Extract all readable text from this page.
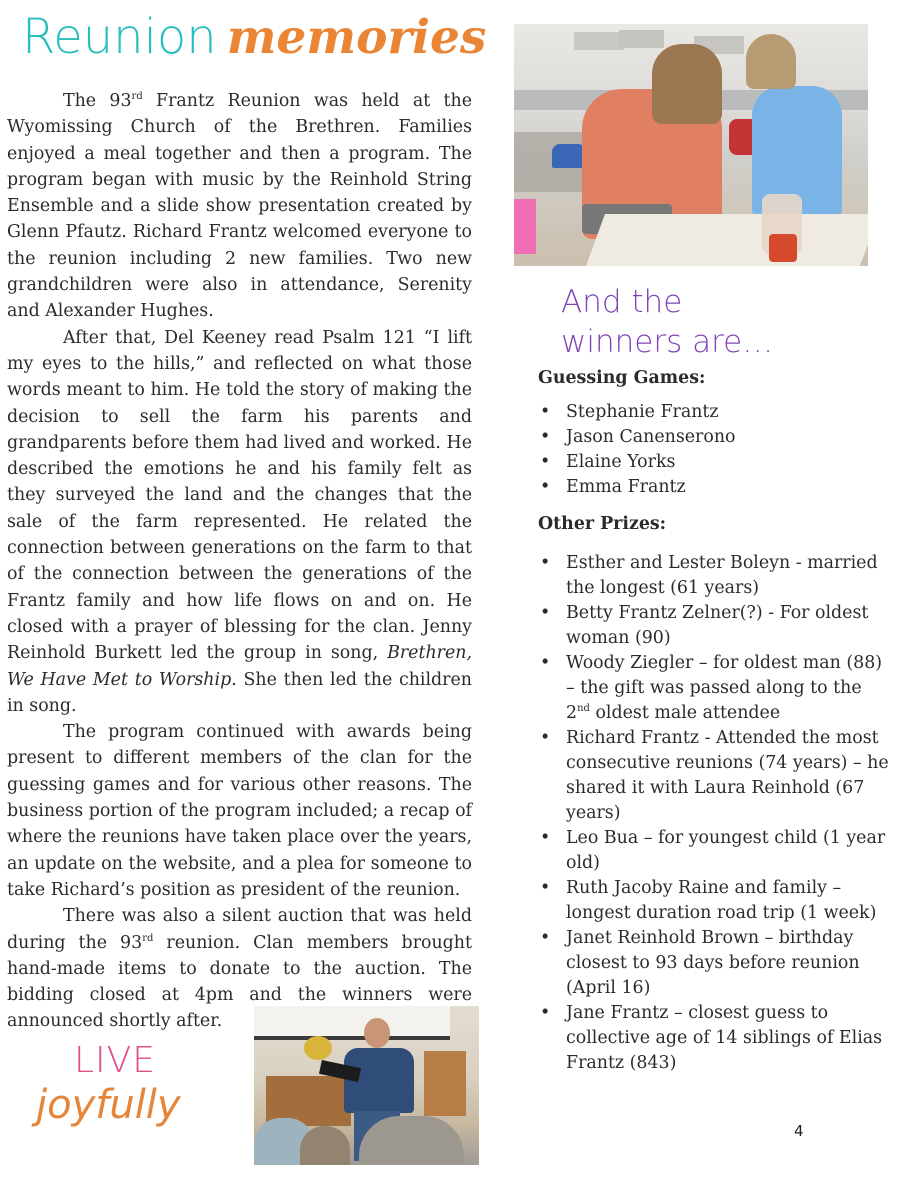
Reunion memories

The 93rd Frantz Reunion was held at the Wyomissing Church of the Brethren. Families enjoyed a meal together and then a program. The program began with music by the Reinhold String Ensemble and a slide show presentation created by Glenn Pfautz. Richard Frantz welcomed everyone to the reunion including 2 new families. Two new grandchildren were also in attendance, Serenity and Alexander Hughes.

After that, Del Keeney read Psalm 121 “I lift my eyes to the hills,” and reflected on what those words meant to him. He told the story of making the decision to sell the farm his parents and grandparents before them had lived and worked. He described the emotions he and his family felt as they surveyed the land and the changes that the sale of the farm represented. He related the connection between generations on the farm to that of the connection between the generations of the Frantz family and how life flows on and on. He closed with a prayer of blessing for the clan. Jenny Reinhold Burkett led the group in song, Brethren, We Have Met to Worship. She then led the children in song.

The program continued with awards being present to different members of the clan for the guessing games and for various other reasons. The business portion of the program included; a recap of where the reunions have taken place over the years, an update on the website, and a plea for someone to take Richard’s position as president of the reunion.

There was also a silent auction that was held during the 93rd reunion. Clan members brought hand-made items to donate to the auction. The bidding closed at 4pm and the winners were announced shortly after.

And the
winners are…

Guessing Games:

• Stephanie Frantz
• Jason Canenserono
• Elaine Yorks
• Emma Frantz

Other Prizes:

• Esther and Lester Boleyn - married the longest (61 years)
• Betty Frantz Zelner(?) - For oldest woman (90)
• Woody Ziegler – for oldest man (88) – the gift was passed along to the 2nd oldest male attendee
• Richard Frantz - Attended the most consecutive reunions (74 years) – he shared it with Laura Reinhold (67 years)
• Leo Bua – for youngest child (1 year old)
• Ruth Jacoby Raine and family – longest duration road trip (1 week)
• Janet Reinhold Brown – birthday closest to 93 days before reunion (April 16)
• Jane Frantz – closest guess to collective age of 14 siblings of Elias Frantz (843)
LIVE
joyfully
4
